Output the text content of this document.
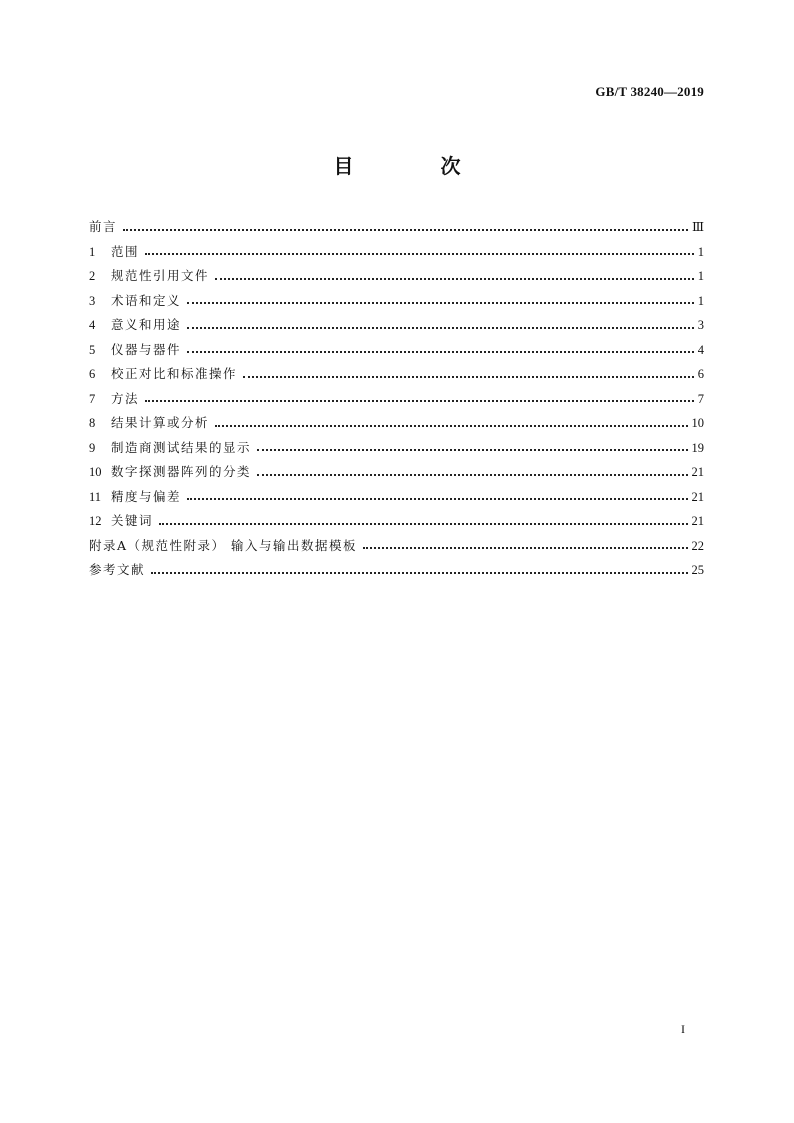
GB/T 38240—2019
目 次
前言	Ⅲ
1	范围	1
2	规范性引用文件	1
3	术语和定义	1
4	意义和用途	3
5	仪器与器件	4
6	校正对比和标准操作	6
7	方法	7
8	结果计算或分析	10
9	制造商测试结果的显示	19
10 数字探测器阵列的分类	21
11 精度与偏差	21
12 关键词	21
附录A（规范性附录） 输入与输出数据模板	22
参考文献	25
I
